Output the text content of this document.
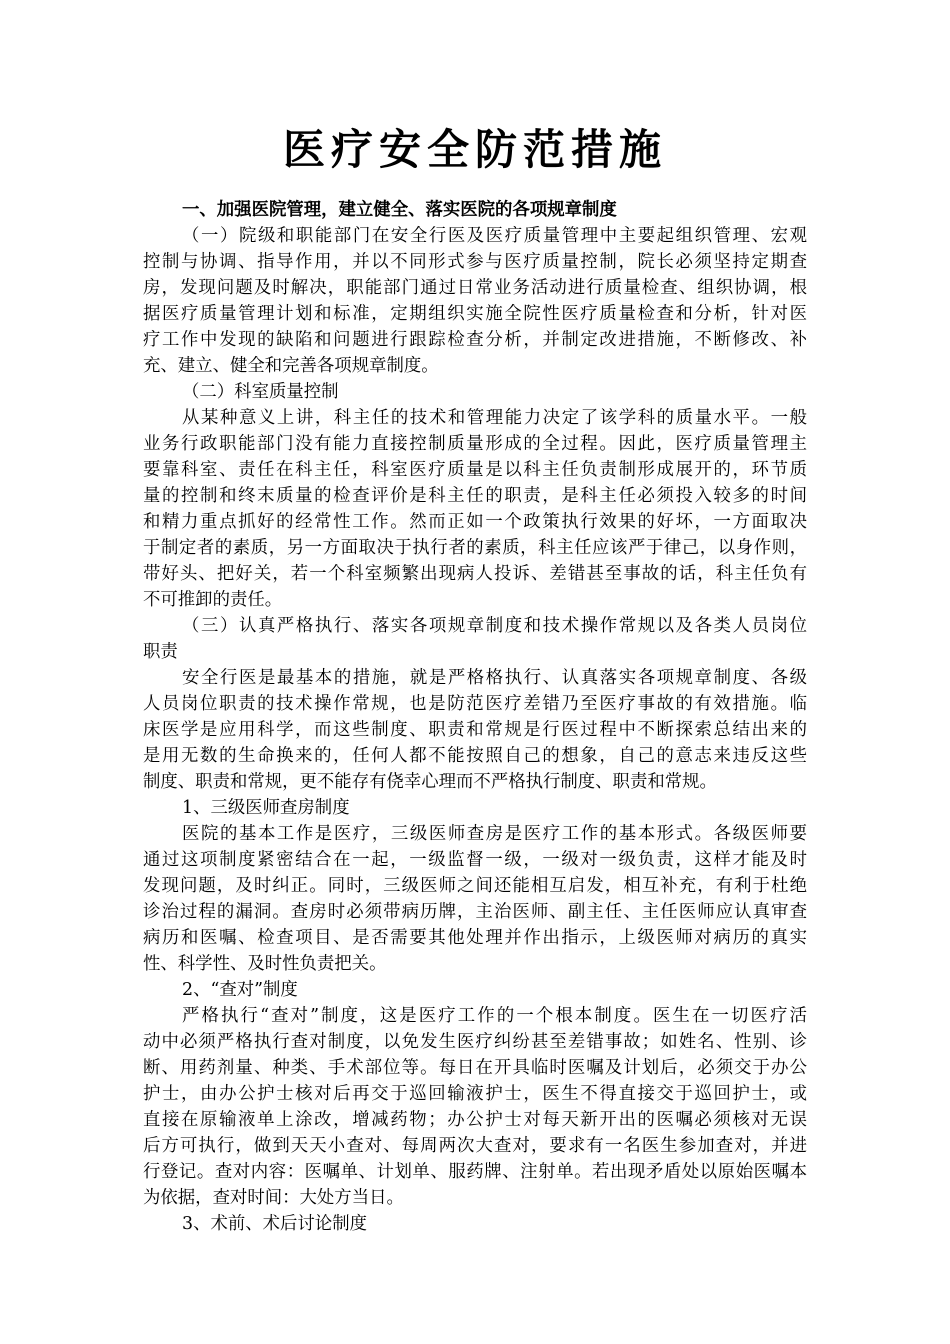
医疗安全防范措施
一、加强医院管理，建立健全、落实医院的各项规章制度
（一）院级和职能部门在安全行医及医疗质量管理中主要起组织管理、宏观
控制与协调、指导作用，并以不同形式参与医疗质量控制，院长必须坚持定期查
房，发现问题及时解决，职能部门通过日常业务活动进行质量检查、组织协调，根
据医疗质量管理计划和标准，定期组织实施全院性医疗质量检查和分析，针对医
疗工作中发现的缺陷和问题进行跟踪检查分析，并制定改进措施，不断修改、补
充、建立、健全和完善各项规章制度。
（二）科室质量控制
从某种意义上讲，科主任的技术和管理能力决定了该学科的质量水平。一般
业务行政职能部门没有能力直接控制质量形成的全过程。因此，医疗质量管理主
要靠科室、责任在科主任，科室医疗质量是以科主任负责制形成展开的，环节质
量的控制和终末质量的检查评价是科主任的职责，是科主任必须投入较多的时间
和精力重点抓好的经常性工作。然而正如一个政策执行效果的好坏，一方面取决
于制定者的素质，另一方面取决于执行者的素质，科主任应该严于律己，以身作则，
带好头、把好关，若一个科室频繁出现病人投诉、差错甚至事故的话，科主任负有
不可推卸的责任。
（三）认真严格执行、落实各项规章制度和技术操作常规以及各类人员岗位
职责
安全行医是最基本的措施，就是严格格执行、认真落实各项规章制度、各级
人员岗位职责的技术操作常规，也是防范医疗差错乃至医疗事故的有效措施。临
床医学是应用科学，而这些制度、职责和常规是行医过程中不断探索总结出来的
是用无数的生命换来的，任何人都不能按照自己的想象，自己的意志来违反这些
制度、职责和常规，更不能存有侥幸心理而不严格执行制度、职责和常规。
1、三级医师查房制度
医院的基本工作是医疗，三级医师查房是医疗工作的基本形式。各级医师要
通过这项制度紧密结合在一起，一级监督一级，一级对一级负责，这样才能及时
发现问题，及时纠正。同时，三级医师之间还能相互启发，相互补充，有利于杜绝
诊治过程的漏洞。查房时必须带病历牌，主治医师、副主任、主任医师应认真审查
病历和医嘱、检查项目、是否需要其他处理并作出指示，上级医师对病历的真实
性、科学性、及时性负责把关。
2、“查对”制度
严格执行“查对”制度，这是医疗工作的一个根本制度。医生在一切医疗活
动中必须严格执行查对制度，以免发生医疗纠纷甚至差错事故；如姓名、性别、诊
断、用药剂量、种类、手术部位等。每日在开具临时医嘱及计划后，必须交于办公
护士，由办公护士核对后再交于巡回输液护士，医生不得直接交于巡回护士，或
直接在原输液单上涂改，增减药物；办公护士对每天新开出的医嘱必须核对无误
后方可执行，做到天天小查对、每周两次大查对，要求有一名医生参加查对，并进
行登记。查对内容：医嘱单、计划单、服药牌、注射单。若出现矛盾处以原始医嘱本
为依据，查对时间：大处方当日。
3、术前、术后讨论制度
